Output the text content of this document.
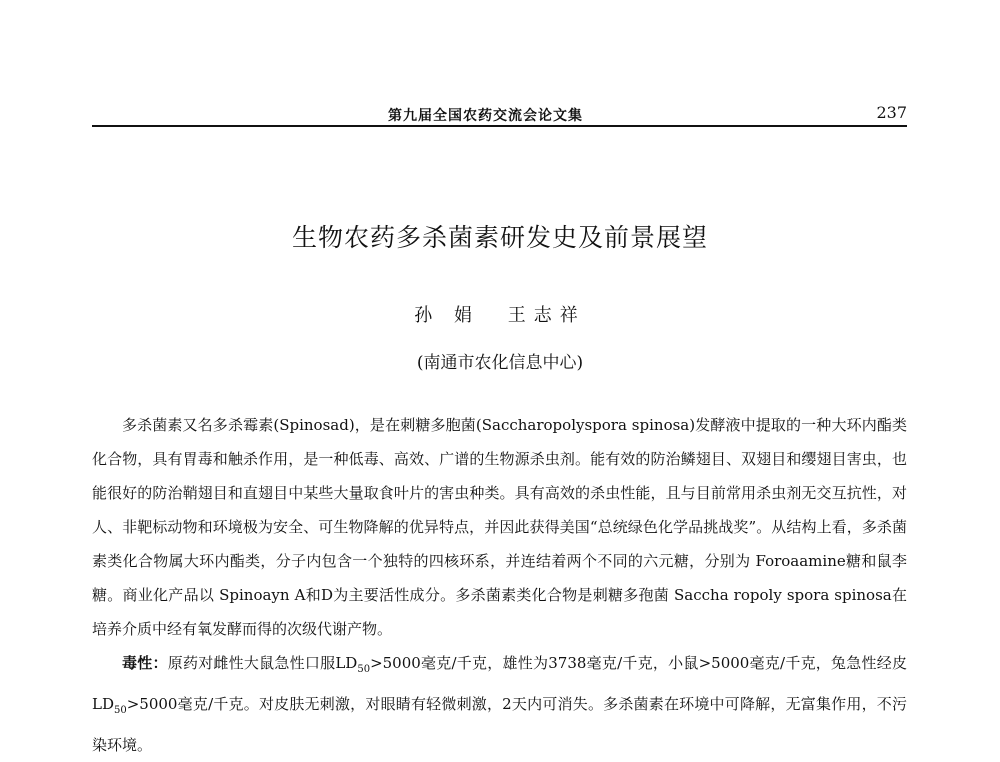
第九届全国农药交流会论文集	237
生物农药多杀菌素研发史及前景展望
孙 娟 王志祥
(南通市农化信息中心)

多杀菌素又名多杀霉素(Spinosad)，是在刺糖多胞菌(Saccharopolyspora spinosa)发酵液中提取的一种大环内酯类化合物，具有胃毒和触杀作用，是一种低毒、高效、广谱的生物源杀虫剂。能有效的防治鳞翅目、双翅目和缨翅目害虫，也能很好的防治鞘翅目和直翅目中某些大量取食叶片的害虫种类。具有高效的杀虫性能，且与目前常用杀虫剂无交互抗性，对人、非靶标动物和环境极为安全、可生物降解的优异特点，并因此获得美国“总统绿色化学品挑战奖”。从结构上看，多杀菌素类化合物属大环内酯类，分子内包含一个独特的四核环系，并连结着两个不同的六元糖，分别为 Foroaamine糖和鼠李糖。商业化产品以 Spinoayn A和D为主要活性成分。多杀菌素类化合物是刺糖多孢菌 Saccha ropoly spora spinosa在培养介质中经有氧发酵而得的次级代谢产物。

毒性：原药对雌性大鼠急性口服$LD_{50}>5000$毫克/千克，雄性为3738毫克/千克，小鼠>5000毫克/千克，兔急性经皮$LD_{50}>5000$毫克/千克。对皮肤无刺激，对眼睛有轻微刺激，2天内可消失。多杀菌素在环境中可降解，无富集作用，不污染环境。
